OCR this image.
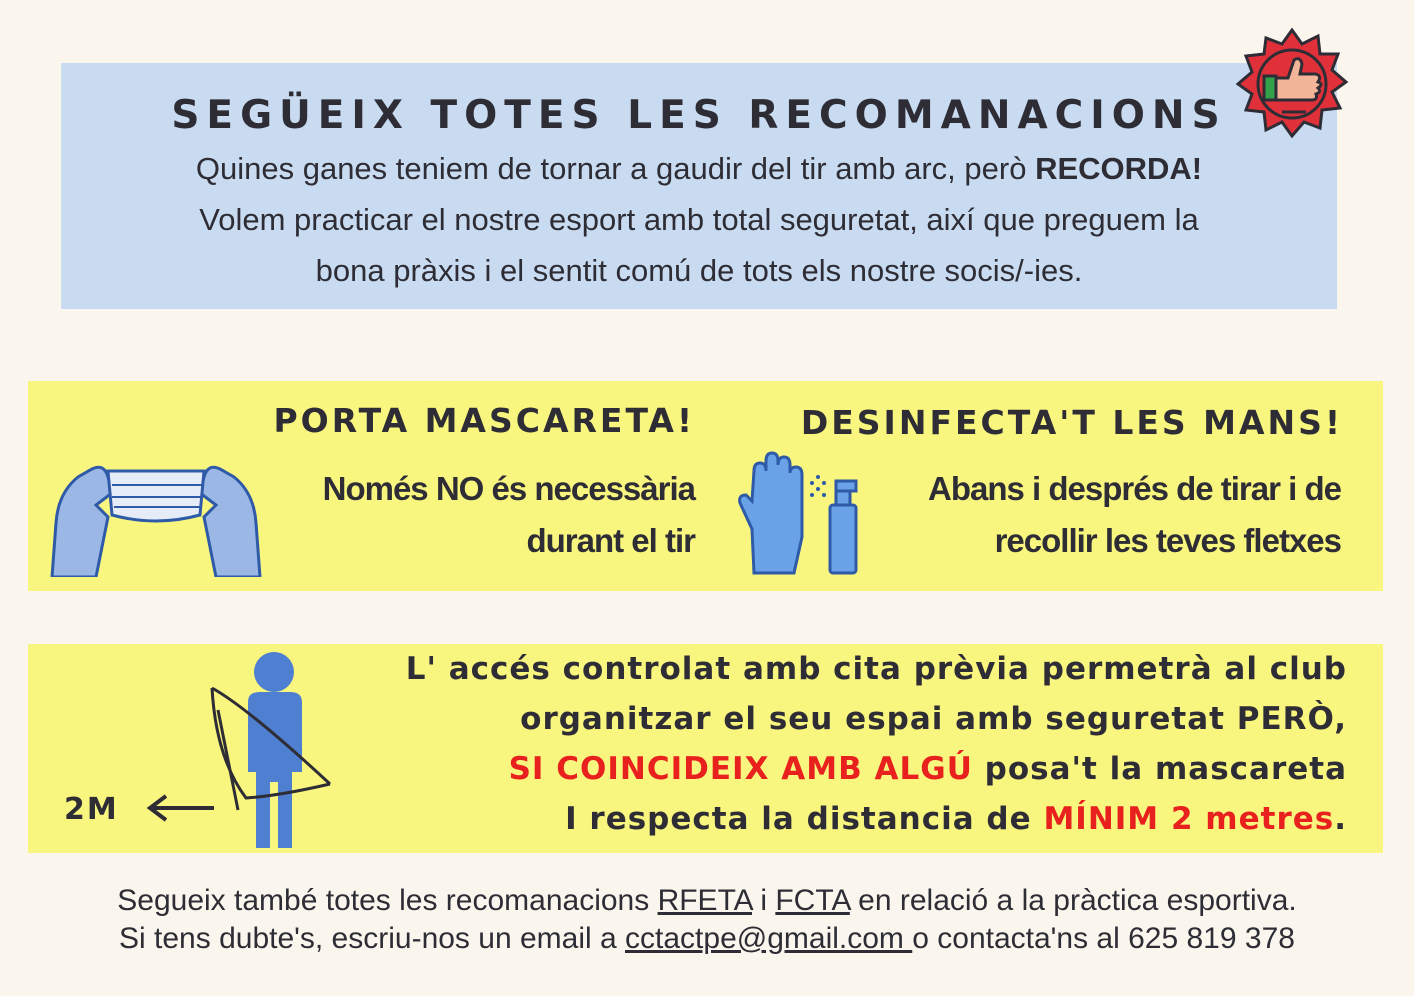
SEGÜEIX TOTES LES RECOMANACIONS
Quines ganes teniem de tornar a gaudir del tir amb arc, però RECORDA!
Volem practicar el nostre esport amb total seguretat, així que preguem la
bona pràxis i el sentit comú de tots els nostre socis/-ies.
PORTA MASCARETA!	DESINFECTA'T LES MANS!
Només NO és necessària
durant el tir
Abans i després de tirar i de
recollir les teves fletxes
2M
L' accés controlat amb cita prèvia permetrà al club
organitzar el seu espai amb seguretat PERÒ,
SI COINCIDEIX AMB ALGÚ posa't la mascareta
I respecta la distancia de MÍNIM 2 metres.
Segueix també totes les recomanacions RFETA i FCTA en relació a la pràctica esportiva.
Si tens dubte's, escriu-nos un email a cctactpe@gmail.com o contacta'ns al 625 819 378
